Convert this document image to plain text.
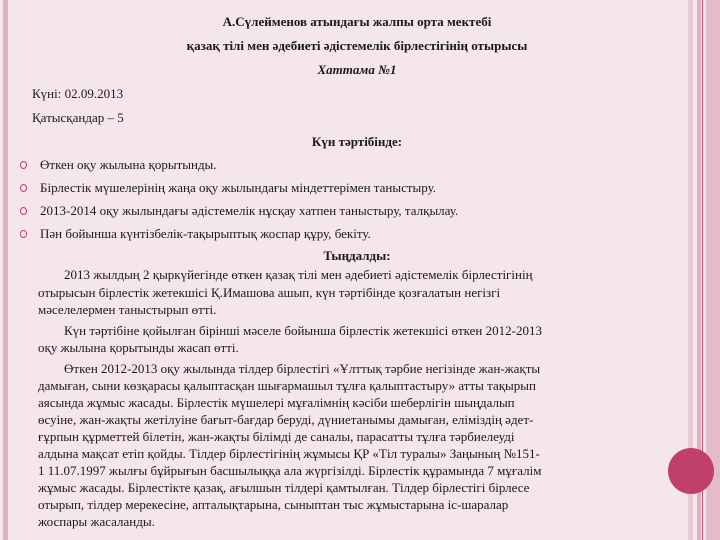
А.Сүлейменов атындағы жалпы орта мектебі
қазақ тілі мен әдебиеті әдістемелік бірлестігінің отырысы
Хаттама №1
Күні: 02.09.2013
Қатысқандар – 5
Күн тәртібінде:
Өткен оқу жылына қорытынды.
Бірлестік мүшелерінің жаңа оқу жылындағы міндеттерімен таныстыру.
2013-2014 оқу жылындағы әдістемелік нұсқау хатпен таныстыру, талқылау.
Пән бойынша күнтізбелік-тақырыптық жоспар құру, бекіту.
Тыңдалды:
2013 жылдың 2 қыркүйегінде өткен қазақ тілі мен әдебиеті әдістемелік бірлестігінің
отырысын бірлестік жетекшісі Қ.Имашова ашып, күн тәртібінде қозғалатын негізгі
мәселелермен таныстырып өтті.
Күн тәртібіне қойылған бірінші мәселе бойынша бірлестік жетекшісі өткен 2012-2013
оқу жылына қорытынды жасап өтті.
Өткен 2012-2013 оқу жылында тілдер бірлестігі «Ұлттық тәрбие негізінде жан-жақты
дамыған, сыни көзқарасы қалыптасқан шығармашыл тұлға қалыптастыру» атты тақырып
аясында жұмыс жасады. Бірлестік мүшелері мұғалімнің кәсіби шеберлігін шыңдалып
өсуіне, жан-жақты жетілуіне бағыт-бағдар беруді, дүниетанымы дамыған, еліміздің әдет-
ғұрпын құрметтей білетін, жан-жақты білімді де саналы, парасатты тұлға тәрбиелеуді
алдына мақсат етіп қойды. Тілдер бірлестігінің жұмысы ҚР «Тіл туралы» Заңының №151-
1 11.07.1997 жылғы бұйрығын басшылыққа ала жүргізілді. Бірлестік құрамында 7 мұғалім
жұмыс жасады. Бірлестікте қазақ, ағылшын тілдері қамтылған. Тілдер бірлестігі бірлесе
отырып, тілдер мерекесіне, апталықтарына, сыныптан тыс жұмыстарына іс-шаралар
жоспары жасаланды.
